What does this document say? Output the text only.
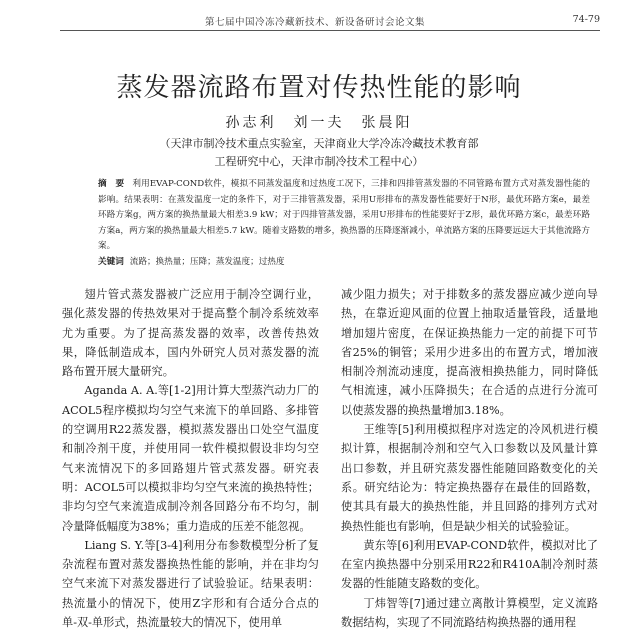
第七届中国冷冻冷藏新技术、新设备研讨会论文集	74-79
蒸发器流路布置对传热性能的影响
孙志利　刘一夫　张晨阳
（天津市制冷技术重点实验室，天津商业大学冷冻冷藏技术教育部
工程研究中心，天津市制冷技术工程中心）
摘　要 利用EVAP-COND软件，模拟不同蒸发温度和过热度工况下，三排和四排管蒸发器的不同管路布置方式对蒸发器性能的影响。结果表明：在蒸发温度一定的条件下，对于三排管蒸发器，采用U形排布的蒸发器性能要好于N形，最优环路方案e，最差环路方案g，两方案的换热量最大相差3.9 kW；对于四排管蒸发器，采用U形排布的性能要好于Z形，最优环路方案c，最差环路方案a，两方案的换热量最大相差5.7 kW。随着支路数的增多，换热器的压降逐渐减小，单流路方案的压降要远远大于其他流路方案。
关键词 流路；换热量；压降；蒸发温度；过热度

翅片管式蒸发器被广泛应用于制冷空调行业，强化蒸发器的传热效果对于提高整个制冷系统效率尤为重要。为了提高蒸发器的效率，改善传热效果，降低制造成本，国内外研究人员对蒸发器的流路布置开展大量研究。

Aganda A. A.等[1-2]用计算大型蒸汽动力厂的ACOL5程序模拟均匀空气来流下的单回路、多排管的空调用R22蒸发器，模拟蒸发器出口处空气温度和制冷剂干度，并使用同一软件模拟假设非均匀空气来流情况下的多回路翅片管式蒸发器。研究表明：ACOL5可以模拟非均匀空气来流的换热特性；非均匀空气来流造成制冷剂各回路分布不均匀，制冷量降低幅度为38%；重力造成的压差不能忽视。

Liang S. Y.等[3-4]利用分布参数模型分析了复杂流程布置对蒸发器换热性能的影响，并在非均匀空气来流下对蒸发器进行了试验验证。结果表明：热流量小的情况下，使用Z字形和有合适分合点的单-双-单形式，热流量较大的情况下，使用单

减少阻力损失；对于排数多的蒸发器应减少逆向导热，在靠近迎风面的位置上抽取适量管段，适量地增加翅片密度，在保证换热能力一定的前提下可节省25%的铜管；采用少进多出的布置方式，增加液相制冷剂流动速度，提高液相换热能力，同时降低气相流速，减小压降损失；在合适的点进行分流可以使蒸发器的换热量增加3.18%。

王维等[5]利用模拟程序对选定的冷风机进行模拟计算，根据制冷剂和空气入口参数以及风量计算出口参数，并且研究蒸发器性能随回路数变化的关系。研究结论为：特定换热器存在最佳的回路数，使其具有最大的换热性能，并且回路的排列方式对换热性能也有影响，但是缺少相关的试验验证。

黄东等[6]利用EVAP-COND软件，模拟对比了在室内换热器中分别采用R22和R410A制冷剂时蒸发器的性能随支路数的变化。

丁炜智等[7]通过建立离散计算模型，定义流路数据结构，实现了不同流路结构换热器的通用程
